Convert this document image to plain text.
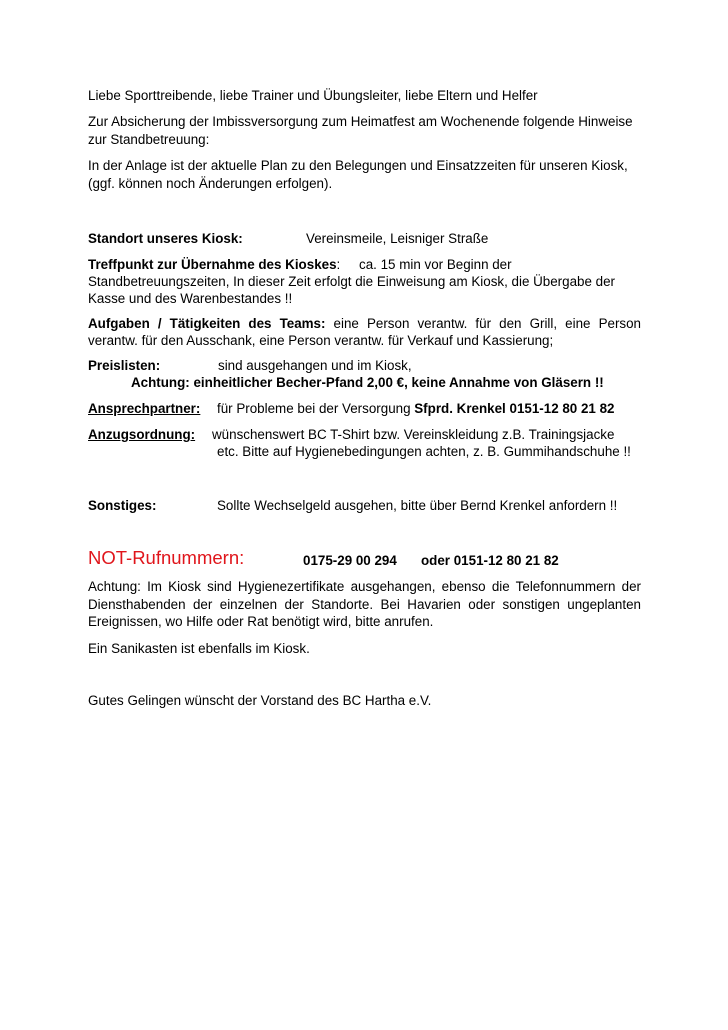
Liebe Sporttreibende, liebe Trainer und Übungsleiter, liebe Eltern und Helfer
Zur Absicherung der Imbissversorgung zum Heimatfest am Wochenende folgende Hinweise
zur Standbetreuung:
In der Anlage ist der aktuelle Plan zu den Belegungen und Einsatzzeiten für unseren Kiosk,
(ggf. können noch Änderungen erfolgen).
Standort unseres Kiosk:	Vereinsmeile, Leisniger Straße
Treffpunkt zur Übernahme des Kioskes: ca. 15 min vor Beginn der
Standbetreuungszeiten, In dieser Zeit erfolgt die Einweisung am Kiosk, die Übergabe der
Kasse und des Warenbestandes !!
Aufgaben / Tätigkeiten des Teams: eine Person verantw. für den Grill, eine Person
verantw. für den Ausschank, eine Person verantw. für Verkauf und Kassierung;
Preislisten:	sind ausgehangen und im Kiosk,
Achtung: einheitlicher Becher-Pfand 2,00 €, keine Annahme von Gläsern !!
Ansprechpartner: für Probleme bei der Versorgung Sfprd. Krenkel 0151-12 80 21 82
Anzugsordnung: wünschenswert BC T-Shirt bzw. Vereinskleidung z.B. Trainingsjacke
etc. Bitte auf Hygienebedingungen achten, z. B. Gummihandschuhe !!
Sonstiges:	Sollte Wechselgeld ausgehen, bitte über Bernd Krenkel anfordern !!
NOT-Rufnummern:	0175-29 00 294 oder 0151-12 80 21 82
Achtung: Im Kiosk sind Hygienezertifikate ausgehangen, ebenso die Telefonnummern der Diensthabenden der einzelnen der Standorte. Bei Havarien oder sonstigen ungeplanten Ereignissen, wo Hilfe oder Rat benötigt wird, bitte anrufen.
Ein Sanikasten ist ebenfalls im Kiosk.
Gutes Gelingen wünscht der Vorstand des BC Hartha e.V.
